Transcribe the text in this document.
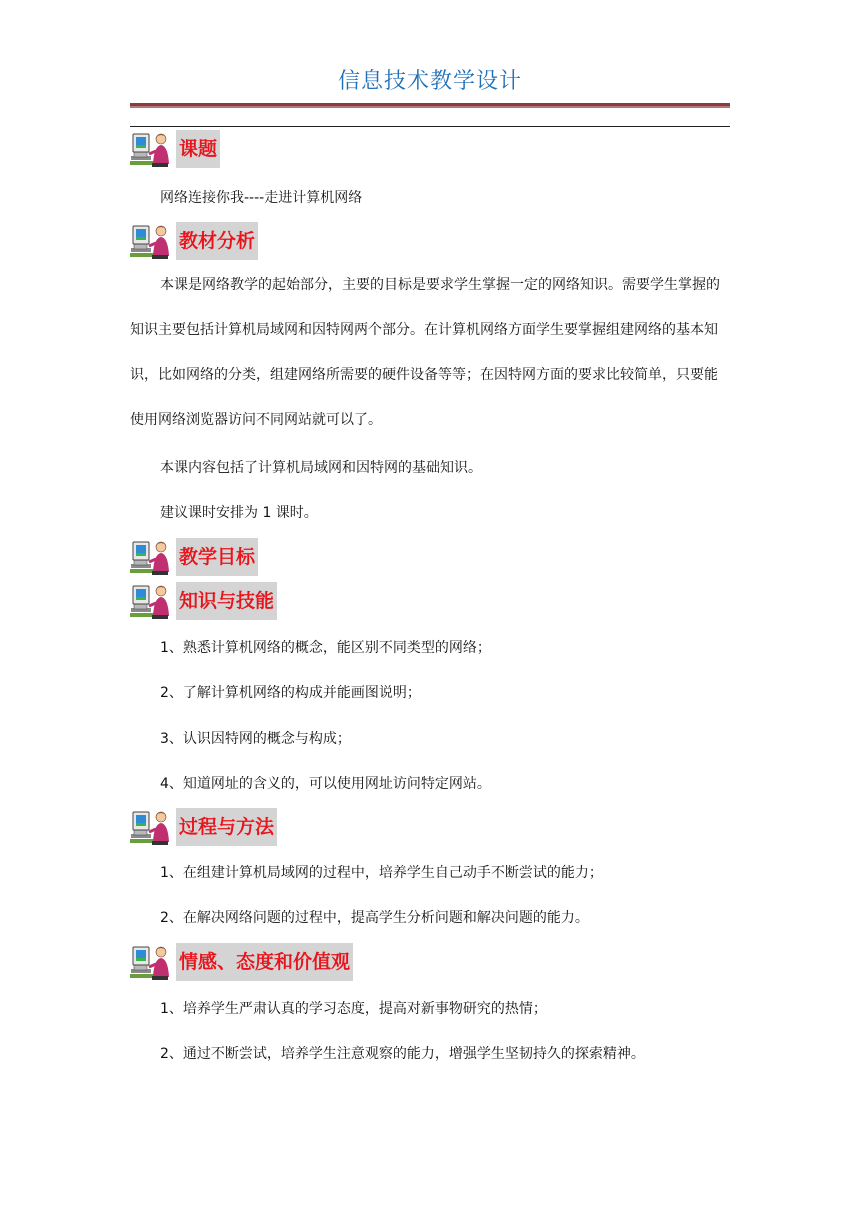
信息技术教学设计
课题
网络连接你我----走进计算机网络
教材分析

本课是网络教学的起始部分，主要的目标是要求学生掌握一定的网络知识。需要学生掌握的知识主要包括计算机局域网和因特网两个部分。在计算机网络方面学生要掌握组建网络的基本知识，比如网络的分类，组建网络所需要的硬件设备等等；在因特网方面的要求比较简单，只要能使用网络浏览器访问不同网站就可以了。

本课内容包括了计算机局域网和因特网的基础知识。
建议课时安排为 1 课时。
教学目标
知识与技能
1、熟悉计算机网络的概念，能区别不同类型的网络；
2、了解计算机网络的构成并能画图说明；
3、认识因特网的概念与构成；
4、知道网址的含义的，可以使用网址访问特定网站。
过程与方法
1、在组建计算机局域网的过程中，培养学生自己动手不断尝试的能力；
2、在解决网络问题的过程中，提高学生分析问题和解决问题的能力。
情感、态度和价值观
1、培养学生严肃认真的学习态度，提高对新事物研究的热情；
2、通过不断尝试，培养学生注意观察的能力，增强学生坚韧持久的探索精神。
